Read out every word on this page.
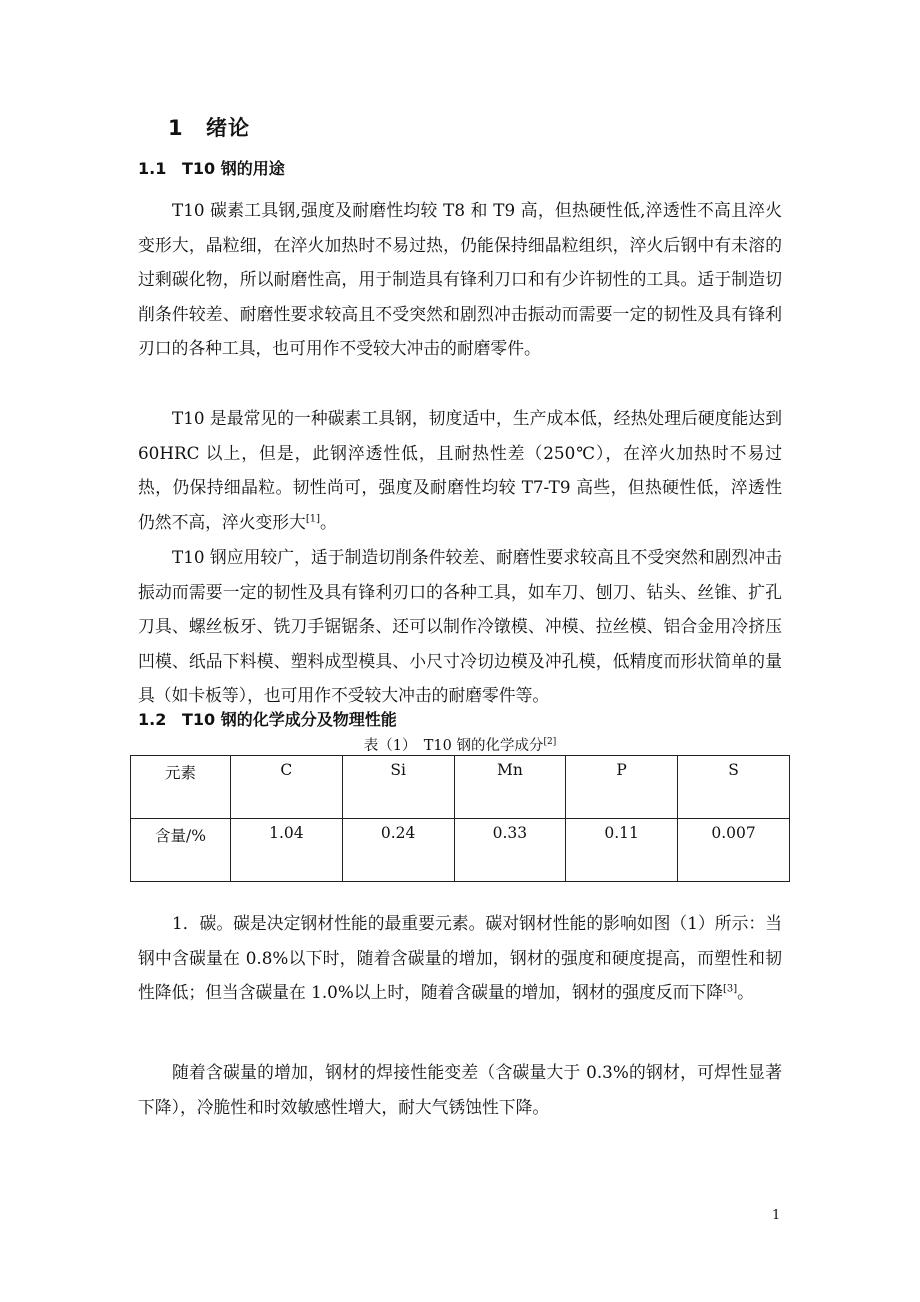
1 绪论
1.1 T10 钢的用途

T10 碳素工具钢,强度及耐磨性均较 T8 和 T9 高，但热硬性低,淬透性不高且淬火变形大，晶粒细，在淬火加热时不易过热，仍能保持细晶粒组织，淬火后钢中有未溶的过剩碳化物，所以耐磨性高，用于制造具有锋利刀口和有少许韧性的工具。适于制造切削条件较差、耐磨性要求较高且不受突然和剧烈冲击振动而需要一定的韧性及具有锋利刃口的各种工具，也可用作不受较大冲击的耐磨零件。

T10 是最常见的一种碳素工具钢，韧度适中，生产成本低，经热处理后硬度能达到 60HRC 以上，但是，此钢淬透性低，且耐热性差（250℃），在淬火加热时不易过热，仍保持细晶粒。韧性尚可，强度及耐磨性均较 T7-T9 高些，但热硬性低，淬透性仍然不高，淬火变形大[1]。

T10 钢应用较广，适于制造切削条件较差、耐磨性要求较高且不受突然和剧烈冲击振动而需要一定的韧性及具有锋利刃口的各种工具，如车刀、刨刀、钻头、丝锥、扩孔刀具、螺丝板牙、铣刀手锯锯条、还可以制作冷镦模、冲模、拉丝模、铝合金用冷挤压凹模、纸品下料模、塑料成型模具、小尺寸冷切边模及冲孔模，低精度而形状简单的量具（如卡板等），也可用作不受较大冲击的耐磨零件等。

1.2 T10 钢的化学成分及物理性能
表（1）　T10 钢的化学成分[2]
元素	C	Si	Mn	P	S
含量/%	1.04	0.24	0.33	0.11	0.007

1．碳。碳是决定钢材性能的最重要元素。碳对钢材性能的影响如图（1）所示：当钢中含碳量在 0.8%以下时，随着含碳量的增加，钢材的强度和硬度提高，而塑性和韧性降低；但当含碳量在 1.0%以上时，随着含碳量的增加，钢材的强度反而下降[3]。

随着含碳量的增加，钢材的焊接性能变差（含碳量大于 0.3%的钢材，可焊性显著下降），冷脆性和时效敏感性增大，耐大气锈蚀性下降。

1
